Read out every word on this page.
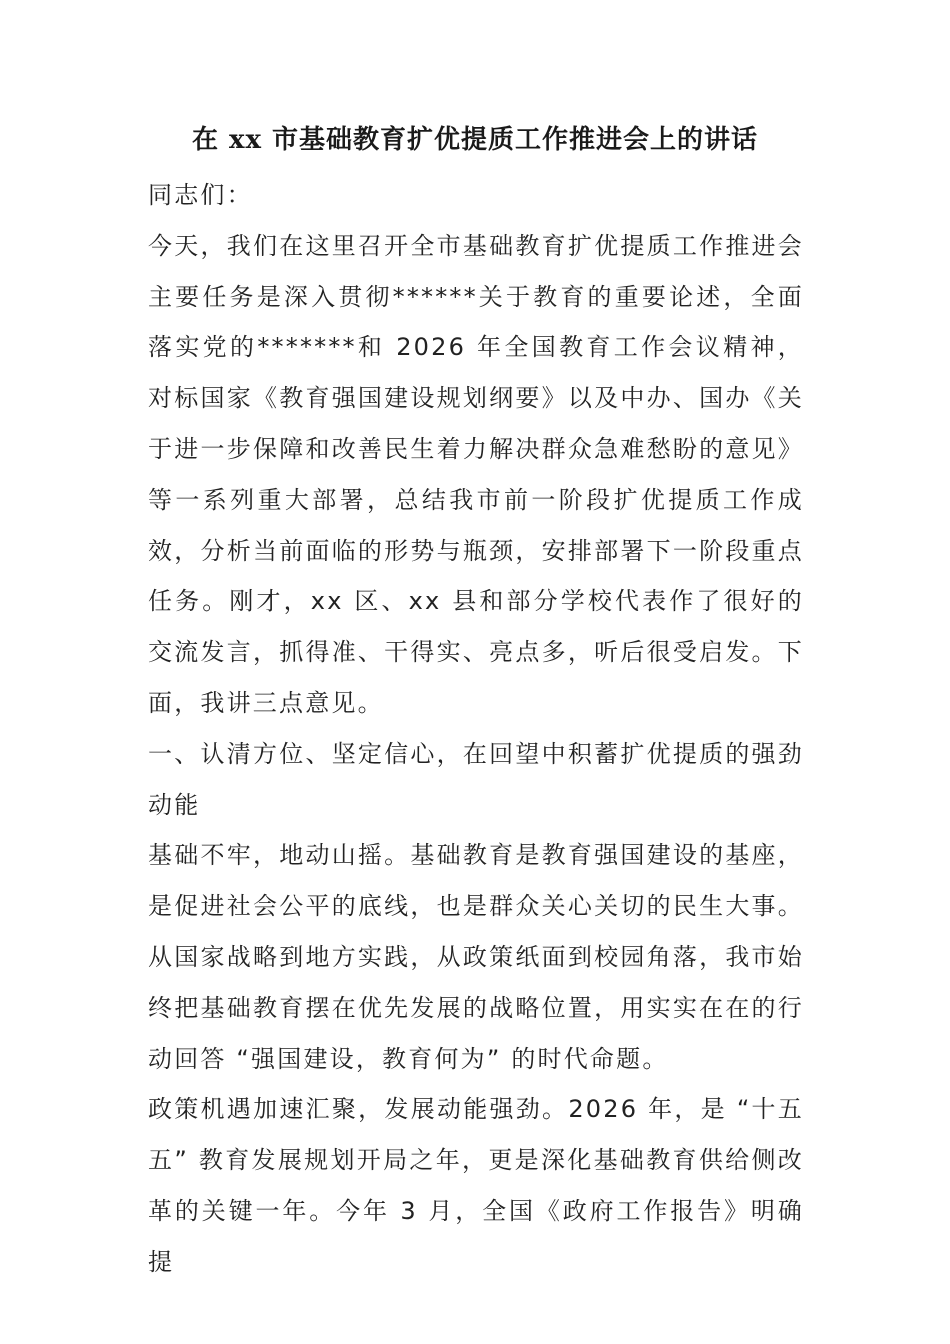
在 xx 市基础教育扩优提质工作推进会上的讲话

同志们：

今天，我们在这里召开全市基础教育扩优提质工作推进会主要任务是深入贯彻******关于教育的重要论述，全面落实党的*******和 2026 年全国教育工作会议精神，对标国家《教育强国建设规划纲要》以及中办、国办《关于进一步保障和改善民生着力解决群众急难愁盼的意见》等一系列重大部署，总结我市前一阶段扩优提质工作成效，分析当前面临的形势与瓶颈，安排部署下一阶段重点任务。刚才，xx 区、xx 县和部分学校代表作了很好的交流发言，抓得准、干得实、亮点多，听后很受启发。下面，我讲三点意见。

一、认清方位、坚定信心，在回望中积蓄扩优提质的强劲动能

基础不牢，地动山摇。基础教育是教育强国建设的基座，是促进社会公平的底线，也是群众关心关切的民生大事。从国家战略到地方实践，从政策纸面到校园角落，我市始终把基础教育摆在优先发展的战略位置，用实实在在的行动回答 “强国建设，教育何为” 的时代命题。

政策机遇加速汇聚，发展动能强劲。2026 年，是 “十五五” 教育发展规划开局之年，更是深化基础教育供给侧改革的关键一年。今年 3 月，全国《政府工作报告》明确提
